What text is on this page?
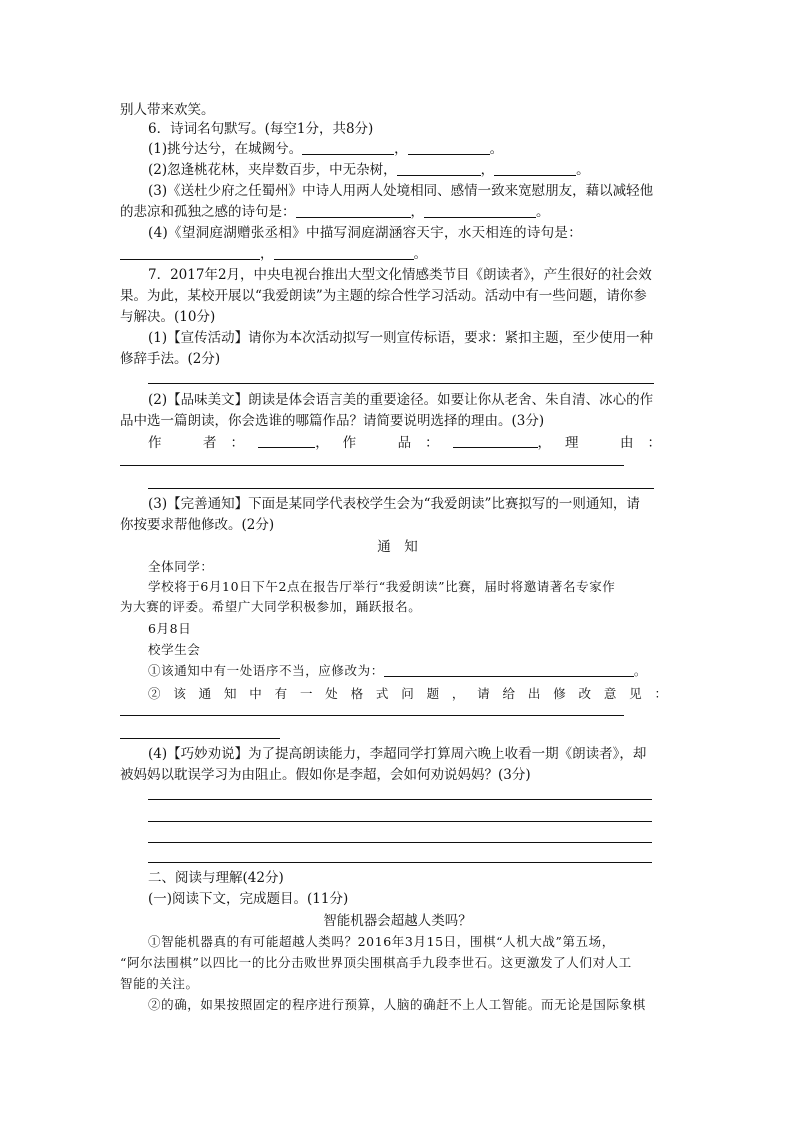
别人带来欢笑。
6．诗词名句默写。(每空1分，共8分)
(1)挑兮达兮，在城阙兮。	，	。
(2)忽逢桃花林，夹岸数百步，中无杂树，	，	。
(3)《送杜少府之任蜀州》中诗人用两人处境相同、感情一致来宽慰朋友，藉以减轻他
的悲凉和孤独之感的诗句是：	，	。
(4)《望洞庭湖赠张丞相》中描写洞庭湖涵容天宇，水天相连的诗句是：
，	。
7．2017年2月，中央电视台推出大型文化情感类节目《朗读者》，产生很好的社会效
果。为此，某校开展以“我爱朗读”为主题的综合性学习活动。活动中有一些问题，请你参
与解决。(10分)
(1)【宣传活动】请你为本次活动拟写一则宣传标语，要求：紧扣主题，至少使用一种
修辞手法。(2分)
(2)【品味美文】朗读是体会语言美的重要途径。如要让你从老舍、朱自清、冰心的作
品中选一篇朗读，你会选谁的哪篇作品？请简要说明选择的理由。(3分)
作　者：	，作　品：	，理　由：
(3)【完善通知】下面是某同学代表校学生会为“我爱朗读”比赛拟写的一则通知，请
你按要求帮他修改。(2分)
通　知
全体同学：
学校将于6月10日下午2点在报告厅举行“我爱朗读”比赛，届时将邀请著名专家作
为大赛的评委。希望广大同学积极参加，踊跃报名。
6月8日
校学生会
①该通知中有一处语序不当，应修改为：	。
②该通知中有一处格式问题，请给出修改意见：
(4)【巧妙劝说】为了提高朗读能力，李超同学打算周六晚上收看一期《朗读者》，却
被妈妈以耽误学习为由阻止。假如你是李超，会如何劝说妈妈？(3分)
二、阅读与理解(42分)
(一)阅读下文，完成题目。(11分)
智能机器会超越人类吗？
①智能机器真的有可能超越人类吗？2016年3月15日，围棋“人机大战”第五场，
“阿尔法围棋”以四比一的比分击败世界顶尖围棋高手九段李世石。这更激发了人们对人工
智能的关注。
②的确，如果按照固定的程序进行预算，人脑的确赶不上人工智能。而无论是国际象棋
